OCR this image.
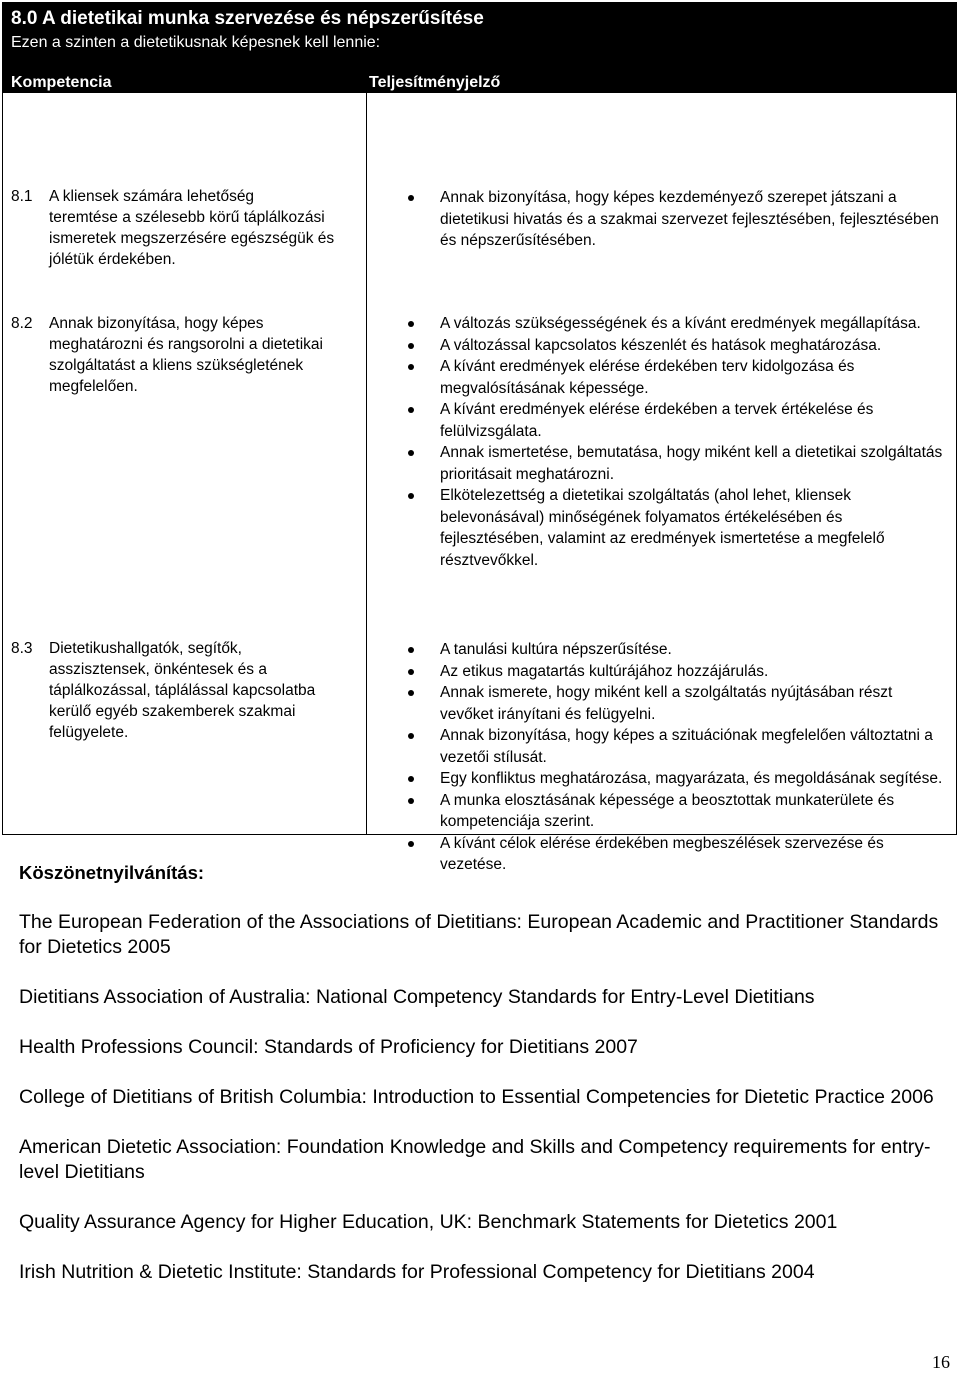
8.0 A dietetikai munka szervezése és népszerűsítése
Ezen a szinten a dietetikusnak képesnek kell lennie:
Kompetencia	Teljesítményjelző
8.1 A kliensek számára lehetőség
teremtése a szélesebb körű táplálkozási ismeretek megszerzésére egészségük és jólétük érdekében.
Annak bizonyítása, hogy képes kezdeményező szerepet játszani a dietetikusi hivatás és a szakmai szervezet fejlesztésében, fejlesztésében és népszerűsítésében.
8.2 Annak bizonyítása, hogy képes
meghatározni és rangsorolni a dietetikai szolgáltatást a kliens szükségletének megfelelően.
A változás szükségességének és a kívánt eredmények megállapítása.
A változással kapcsolatos készenlét és hatások meghatározása.
A kívánt eredmények elérése érdekében terv kidolgozása és megvalósításának képessége.
A kívánt eredmények elérése érdekében a tervek értékelése és felülvizsgálata.
Annak ismertetése, bemutatása, hogy miként kell a dietetikai szolgáltatás prioritásait meghatározni.
Elkötelezettség a dietetikai szolgáltatás (ahol lehet, kliensek belevonásával) minőségének folyamatos értékelésében és fejlesztésében, valamint az eredmények ismertetése a megfelelő résztvevőkkel.
8.3 Dietetikushallgatók, segítők,
asszisztensek, önkéntesek és a táplálkozással, táplálással kapcsolatba kerülő egyéb szakemberek szakmai felügyelete.
A tanulási kultúra népszerűsítése.
Az etikus magatartás kultúrájához hozzájárulás.
Annak ismerete, hogy miként kell a szolgáltatás nyújtásában részt vevőket irányítani és felügyelni.
Annak bizonyítása, hogy képes a szituációnak megfelelően változtatni a vezetői stílusát.
Egy konfliktus meghatározása, magyarázata, és megoldásának segítése.
A munka elosztásának képessége a beosztottak munkaterülete és kompetenciája szerint.
A kívánt célok elérése érdekében megbeszélések szervezése és vezetése.
Köszönetnyilvánítás:
The European Federation of the Associations of Dietitians: European Academic and Practitioner Standards for Dietetics 2005
Dietitians Association of Australia: National Competency Standards for Entry-Level Dietitians
Health Professions Council: Standards of Proficiency for Dietitians 2007
College of Dietitians of British Columbia: Introduction to Essential Competencies for Dietetic Practice 2006
American Dietetic Association: Foundation Knowledge and Skills and Competency requirements for entry-level Dietitians
Quality Assurance Agency for Higher Education, UK: Benchmark Statements for Dietetics 2001
Irish Nutrition & Dietetic Institute: Standards for Professional Competency for Dietitians 2004
16
